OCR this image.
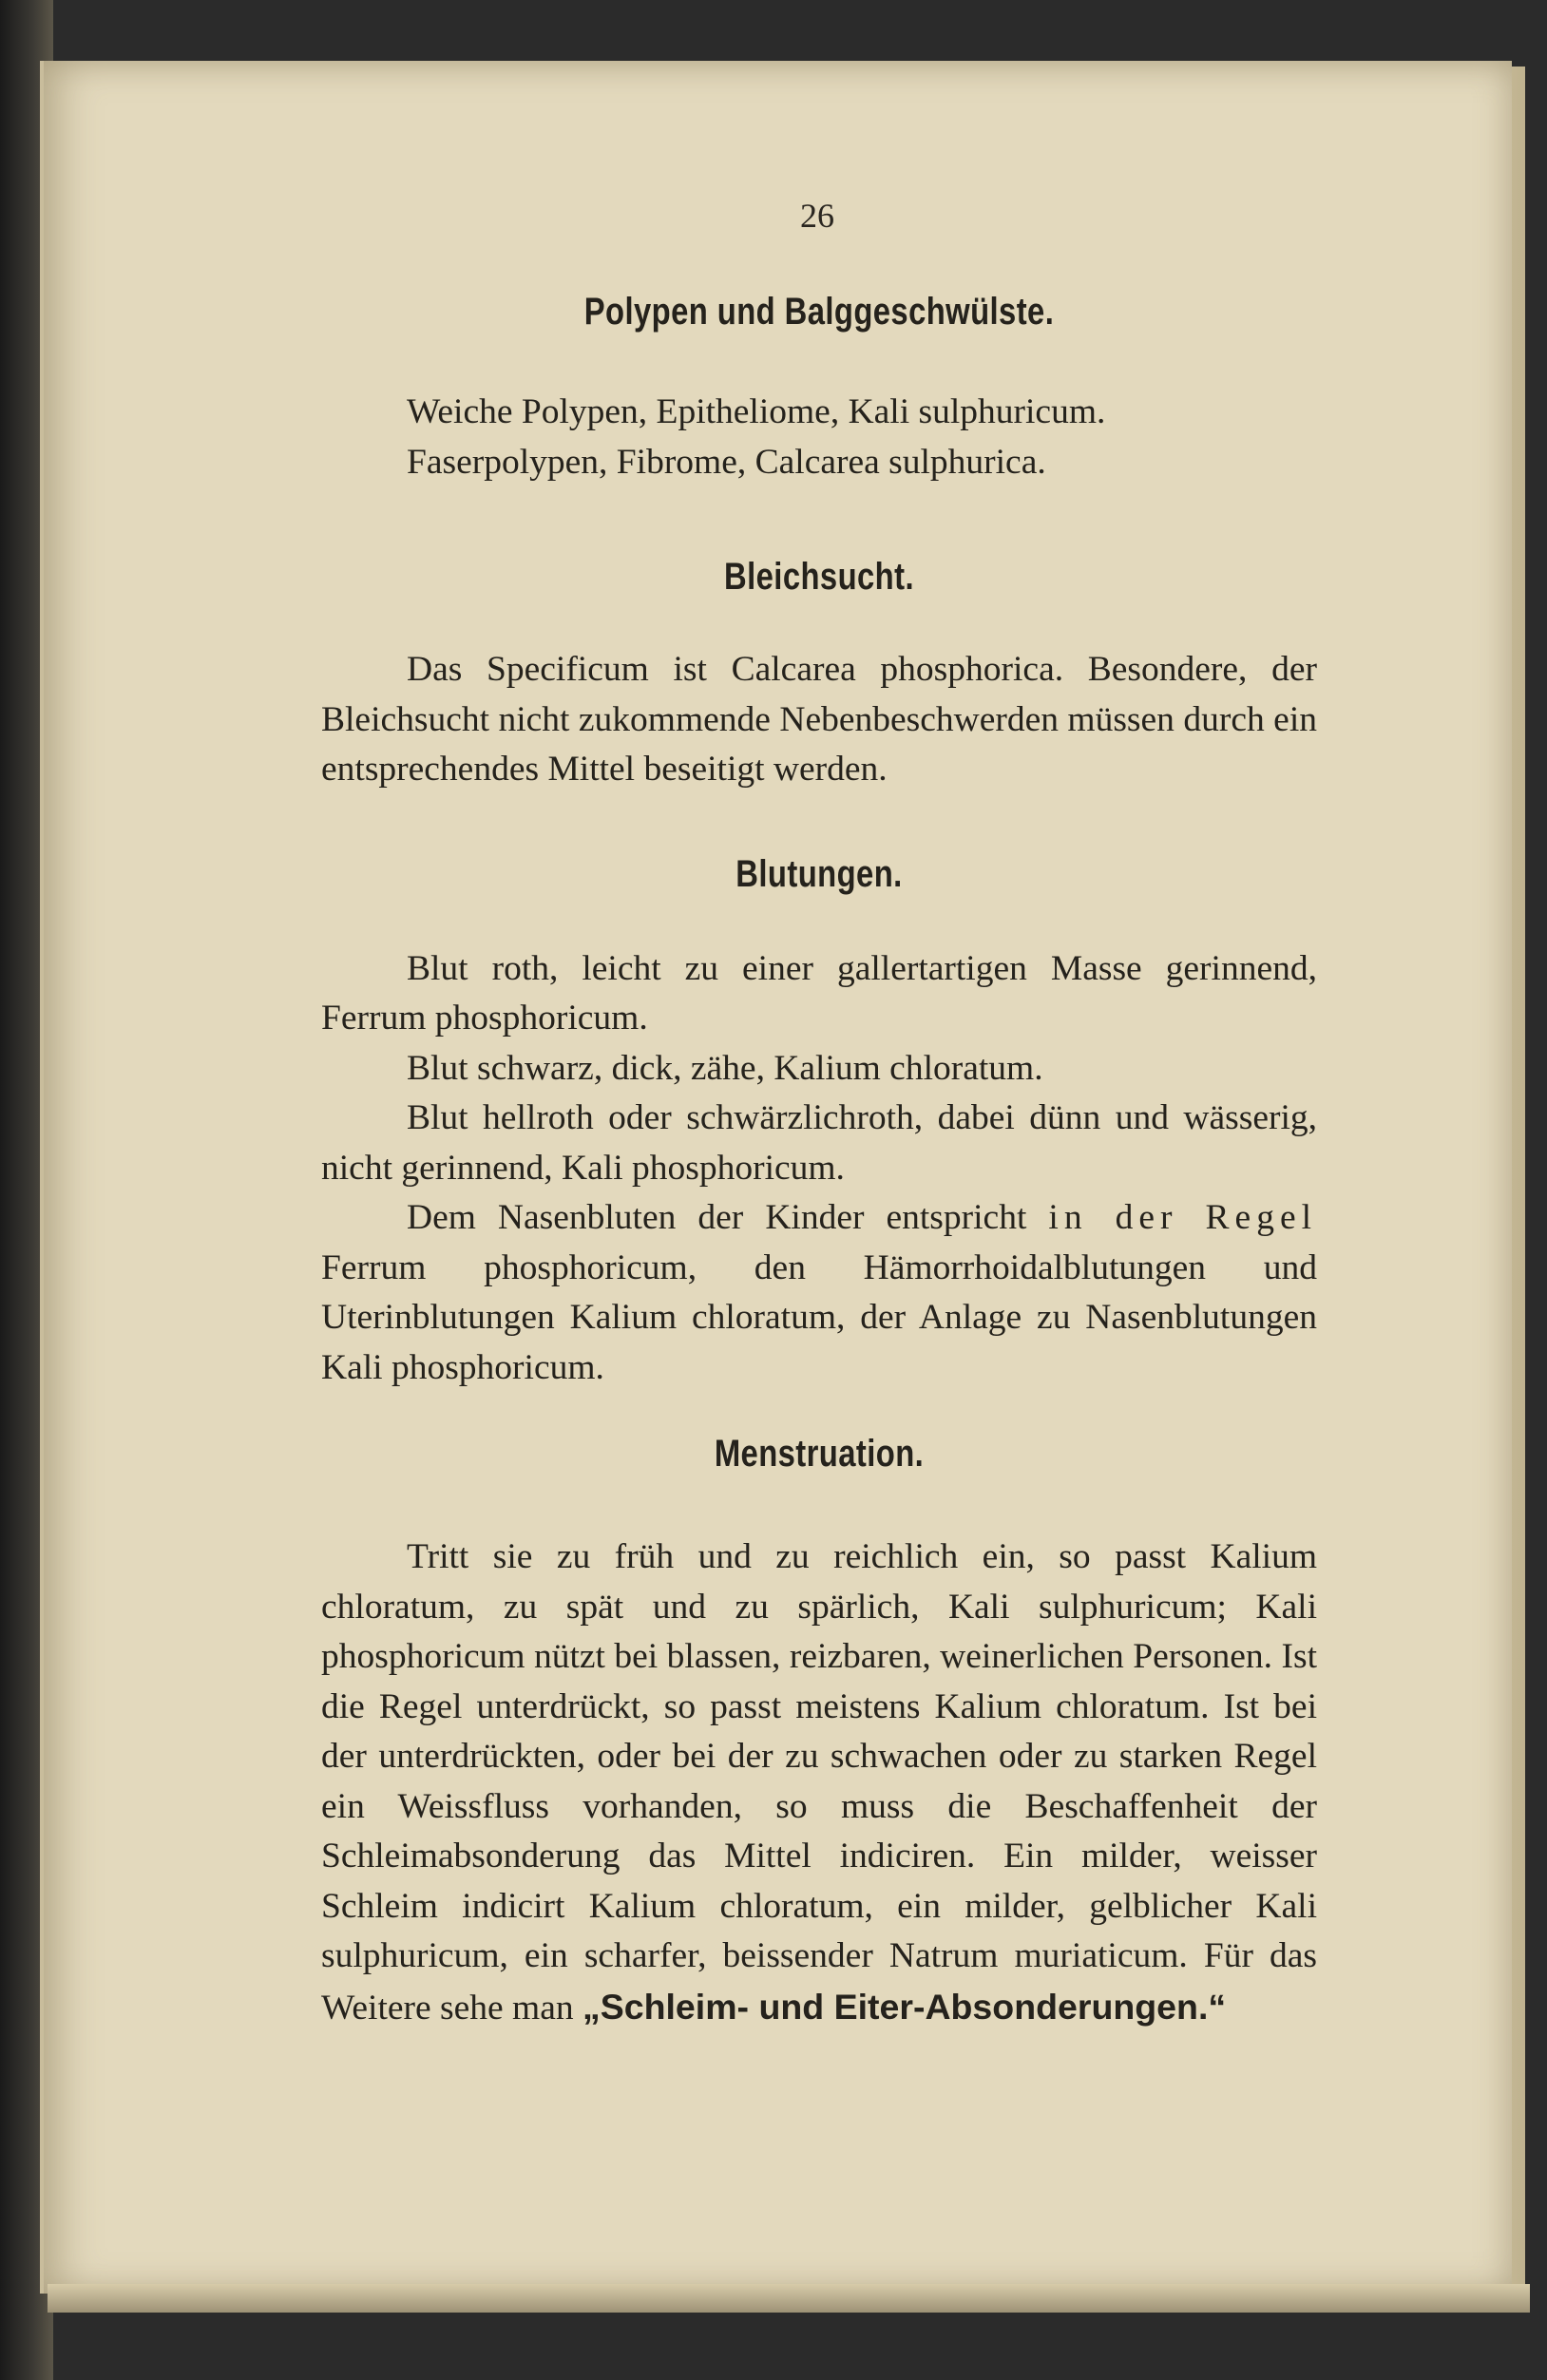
26
Polypen und Balggeschwülste.

Weiche Polypen, Epitheliome, Kali sulphuricum.

Faserpolypen, Fibrome, Calcarea sulphurica.

Bleichsucht.

Das Specificum ist Calcarea phosphorica. Besondere, der Bleichsucht nicht zukommende Nebenbeschwerden müssen durch ein entsprechendes Mittel beseitigt werden.

Blutungen.

Blut roth, leicht zu einer gallertartigen Masse gerinnend, Ferrum phosphoricum.

Blut schwarz, dick, zähe, Kalium chloratum.

Blut hellroth oder schwärzlichroth, dabei dünn und wässerig, nicht gerinnend, Kali phosphoricum.

Dem Nasenbluten der Kinder entspricht in der Regel Ferrum phosphoricum, den Hämorrhoidalblutungen und Uterinblutungen Kalium chloratum, der Anlage zu Nasenblutungen Kali phosphoricum.

Menstruation.

Tritt sie zu früh und zu reichlich ein, so passt Kalium chloratum, zu spät und zu spärlich, Kali sulphuricum; Kali phosphoricum nützt bei blassen, reizbaren, weinerlichen Personen. Ist die Regel unterdrückt, so passt meistens Kalium chloratum. Ist bei der unterdrückten, oder bei der zu schwachen oder zu starken Regel ein Weissfluss vorhanden, so muss die Beschaffenheit der Schleimabsonderung das Mittel indiciren. Ein milder, weisser Schleim indicirt Kalium chloratum, ein milder, gelblicher Kali sulphuricum, ein scharfer, beissender Natrum muriaticum. Für das Weitere sehe man „Schleim- und Eiter-Absonderungen.“
